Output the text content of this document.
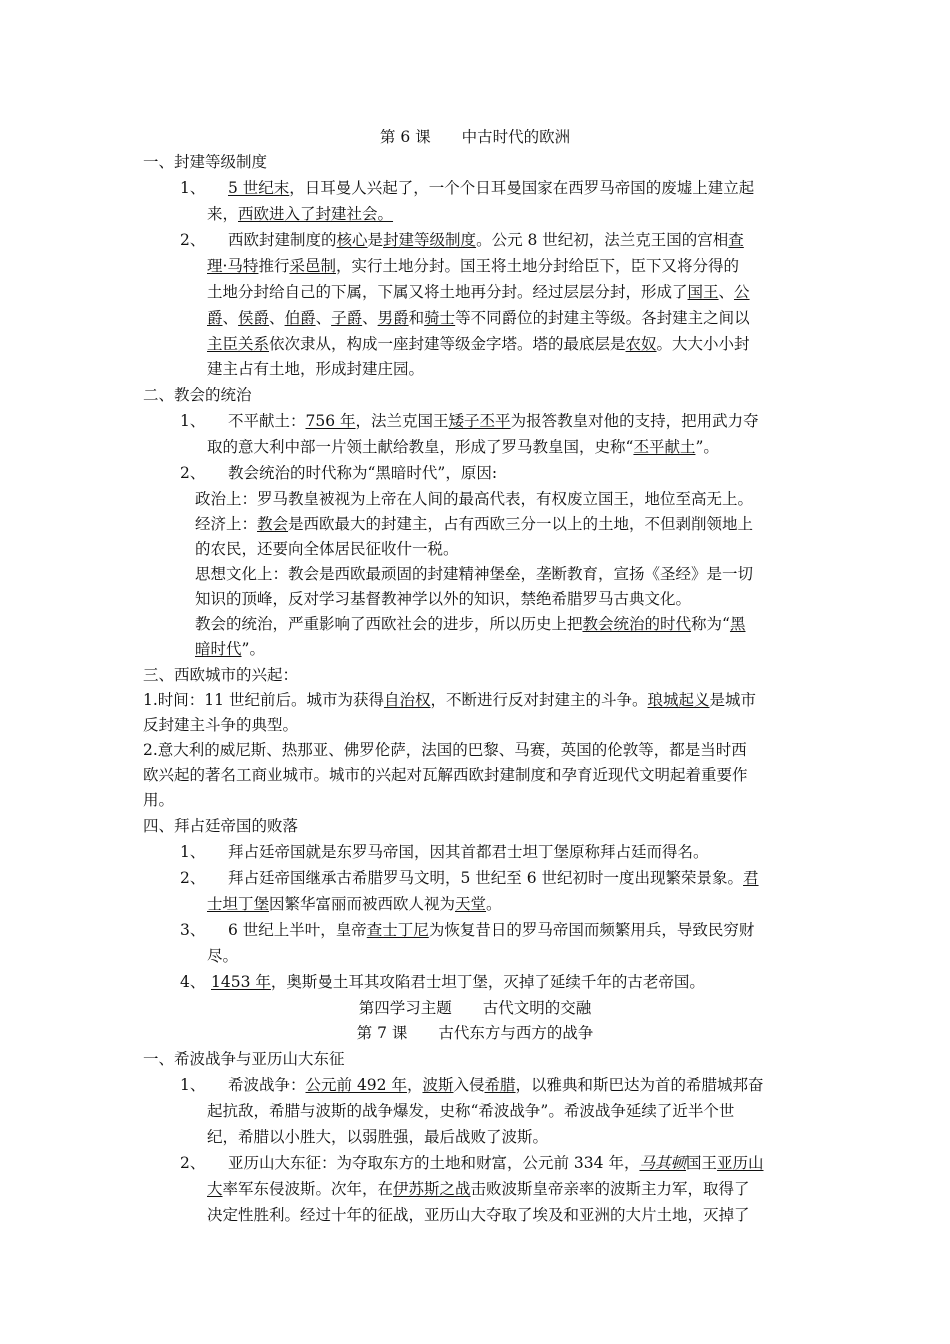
第 6 课　　中古时代的欧洲
一、封建等级制度
1、 5 世纪末，日耳曼人兴起了，一个个日耳曼国家在西罗马帝国的废墟上建立起
来，西欧进入了封建社会。
2、 西欧封建制度的核心是封建等级制度。公元 8 世纪初，法兰克王国的宫相查
理·马特推行采邑制，实行土地分封。国王将土地分封给臣下，臣下又将分得的
土地分封给自己的下属，下属又将土地再分封。经过层层分封，形成了国王、公
爵、侯爵、伯爵、子爵、男爵和骑士等不同爵位的封建主等级。各封建主之间以
主臣关系依次隶从，构成一座封建等级金字塔。塔的最底层是农奴。大大小小封
建主占有土地，形成封建庄园。
二、教会的统治
1、 不平献土：756 年，法兰克国王矮子丕平为报答教皇对他的支持，把用武力夺
取的意大利中部一片领土献给教皇，形成了罗马教皇国，史称“丕平献土”。
2、 教会统治的时代称为“黑暗时代”，原因:
政治上：罗马教皇被视为上帝在人间的最高代表，有权废立国王，地位至高无上。
经济上：教会是西欧最大的封建主，占有西欧三分一以上的土地，不但剥削领地上
的农民，还要向全体居民征收什一税。
思想文化上：教会是西欧最顽固的封建精神堡垒，垄断教育，宣扬《圣经》是一切
知识的顶峰，反对学习基督教神学以外的知识，禁绝希腊罗马古典文化。
教会的统治，严重影响了西欧社会的进步，所以历史上把教会统治的时代称为“黑
暗时代”。
三、西欧城市的兴起：
1.时间：11 世纪前后。城市为获得自治权，不断进行反对封建主的斗争。琅城起义是城市
反封建主斗争的典型。
2.意大利的威尼斯、热那亚、佛罗伦萨，法国的巴黎、马赛，英国的伦敦等，都是当时西
欧兴起的著名工商业城市。城市的兴起对瓦解西欧封建制度和孕育近现代文明起着重要作
用。
四、拜占廷帝国的败落
1、 拜占廷帝国就是东罗马帝国，因其首都君士坦丁堡原称拜占廷而得名。
2、 拜占廷帝国继承古希腊罗马文明，5 世纪至 6 世纪初时一度出现繁荣景象。君
士坦丁堡因繁华富丽而被西欧人视为天堂。
3、 6 世纪上半叶，皇帝查士丁尼为恢复昔日的罗马帝国而频繁用兵，导致民穷财
尽。
4、 1453 年，奥斯曼土耳其攻陷君士坦丁堡，灭掉了延续千年的古老帝国。
第四学习主题　　古代文明的交融
第 7 课　　古代东方与西方的战争
一、希波战争与亚历山大东征
1、 希波战争：公元前 492 年，波斯入侵希腊，以雅典和斯巴达为首的希腊城邦奋
起抗敌，希腊与波斯的战争爆发，史称“希波战争”。希波战争延续了近半个世
纪，希腊以小胜大，以弱胜强，最后战败了波斯。
2、 亚历山大东征：为夺取东方的土地和财富，公元前 334 年，马其顿国王亚历山
大率军东侵波斯。次年，在伊苏斯之战击败波斯皇帝亲率的波斯主力军，取得了
决定性胜利。经过十年的征战，亚历山大夺取了埃及和亚洲的大片土地，灭掉了
